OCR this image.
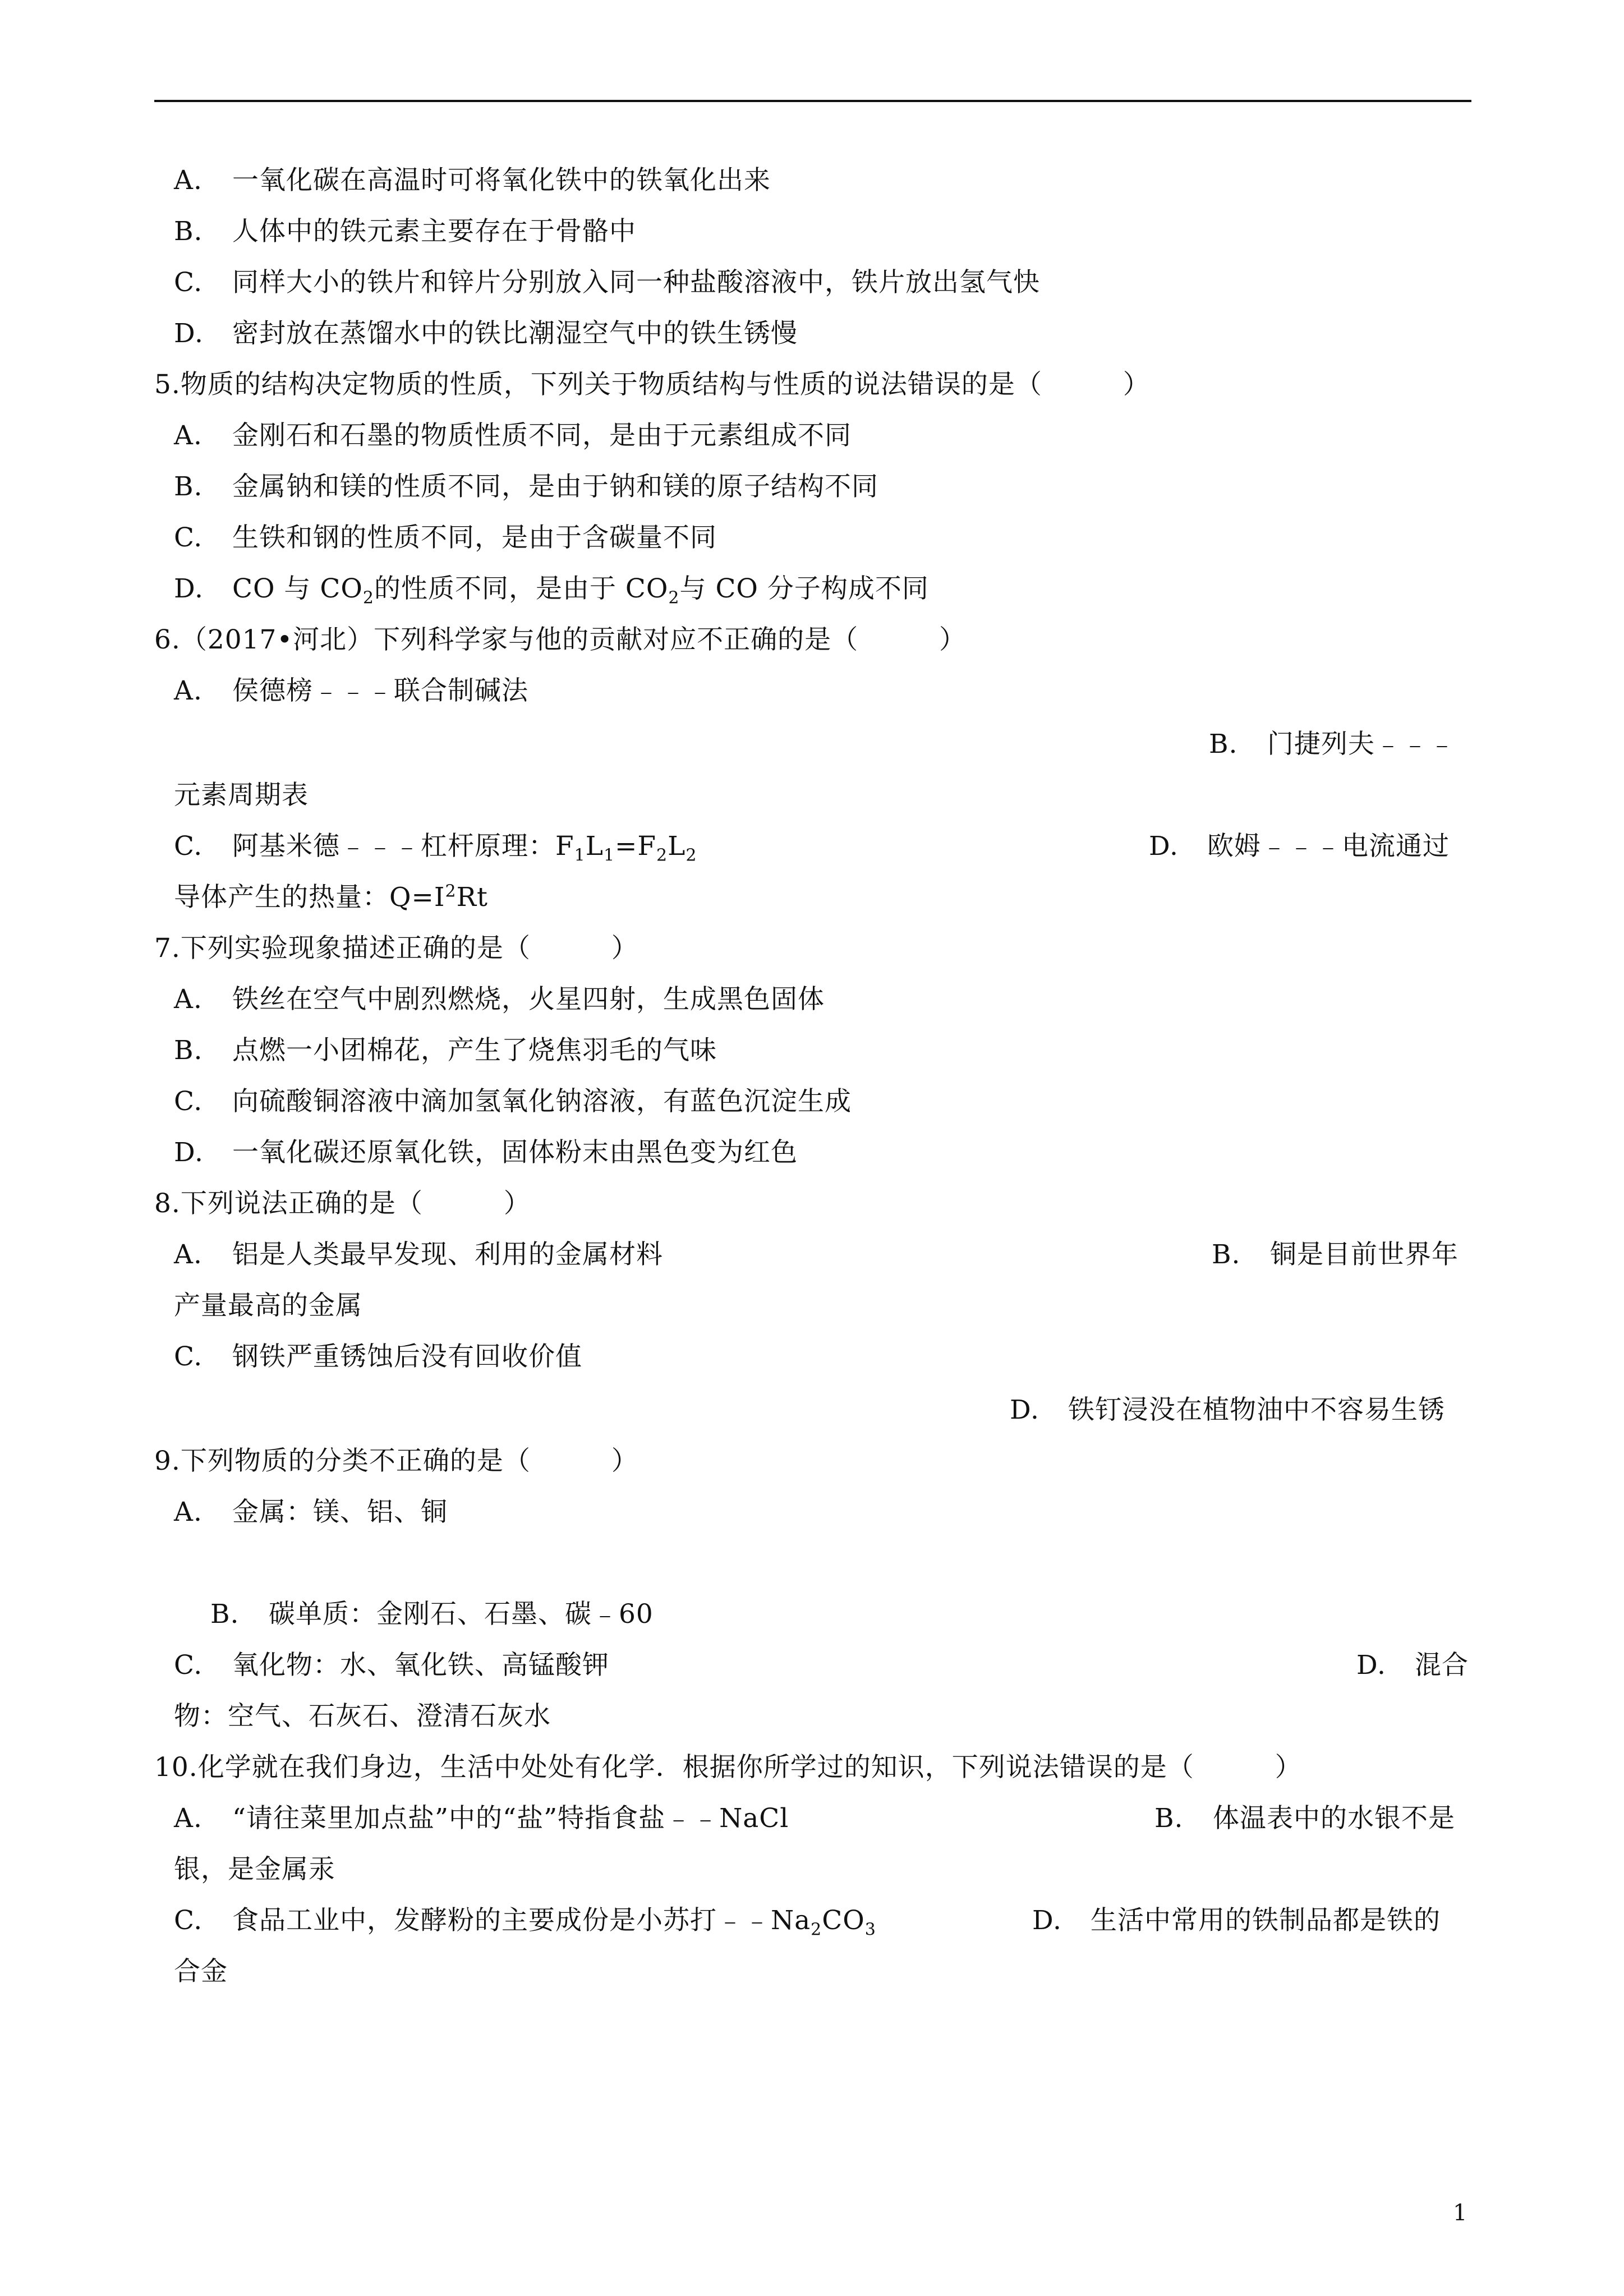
A. 一氧化碳在高温时可将氧化铁中的铁氧化出来
B. 人体中的铁元素主要存在于骨骼中
C. 同样大小的铁片和锌片分别放入同一种盐酸溶液中，铁片放出氢气快
D. 密封放在蒸馏水中的铁比潮湿空气中的铁生锈慢
5.物质的结构决定物质的性质，下列关于物质结构与性质的说法错误的是（　　　）
A. 金刚石和石墨的物质性质不同，是由于元素组成不同
B. 金属钠和镁的性质不同，是由于钠和镁的原子结构不同
C. 生铁和钢的性质不同，是由于含碳量不同
D. CO 与 $CO_2$的性质不同，是由于 $CO_2$与 CO 分子构成不同
6.（2017•河北）下列科学家与他的贡献对应不正确的是（　　　）
A. 侯德榜﹣﹣﹣联合制碱法
B. 门捷列夫﹣﹣﹣
元素周期表
C. 阿基米德﹣﹣﹣杠杆原理：$F_1L_1=F_2L_2$	D. 欧姆﹣﹣﹣电流通过
导体产生的热量：$Q=I^2Rt$
7.下列实验现象描述正确的是（　　　）
A. 铁丝在空气中剧烈燃烧，火星四射，生成黑色固体
B. 点燃一小团棉花，产生了烧焦羽毛的气味
C. 向硫酸铜溶液中滴加氢氧化钠溶液，有蓝色沉淀生成
D. 一氧化碳还原氧化铁，固体粉末由黑色变为红色
8.下列说法正确的是（　　　）
A. 铝是人类最早发现、利用的金属材料	B. 铜是目前世界年
产量最高的金属
C. 钢铁严重锈蚀后没有回收价值
D. 铁钉浸没在植物油中不容易生锈
9.下列物质的分类不正确的是（　　　）
A. 金属：镁、铝、铜
B. 碳单质：金刚石、石墨、碳﹣60
C. 氧化物：水、氧化铁、高锰酸钾	D. 混合
物：空气、石灰石、澄清石灰水
10.化学就在我们身边，生活中处处有化学．根据你所学过的知识，下列说法错误的是（　　　）
A. “请往菜里加点盐”中的“盐”特指食盐﹣﹣NaCl	B. 体温表中的水银不是
银，是金属汞
C. 食品工业中，发酵粉的主要成份是小苏打$﹣﹣Na_2CO_3$	D. 生活中常用的铁制品都是铁的
合金
1
